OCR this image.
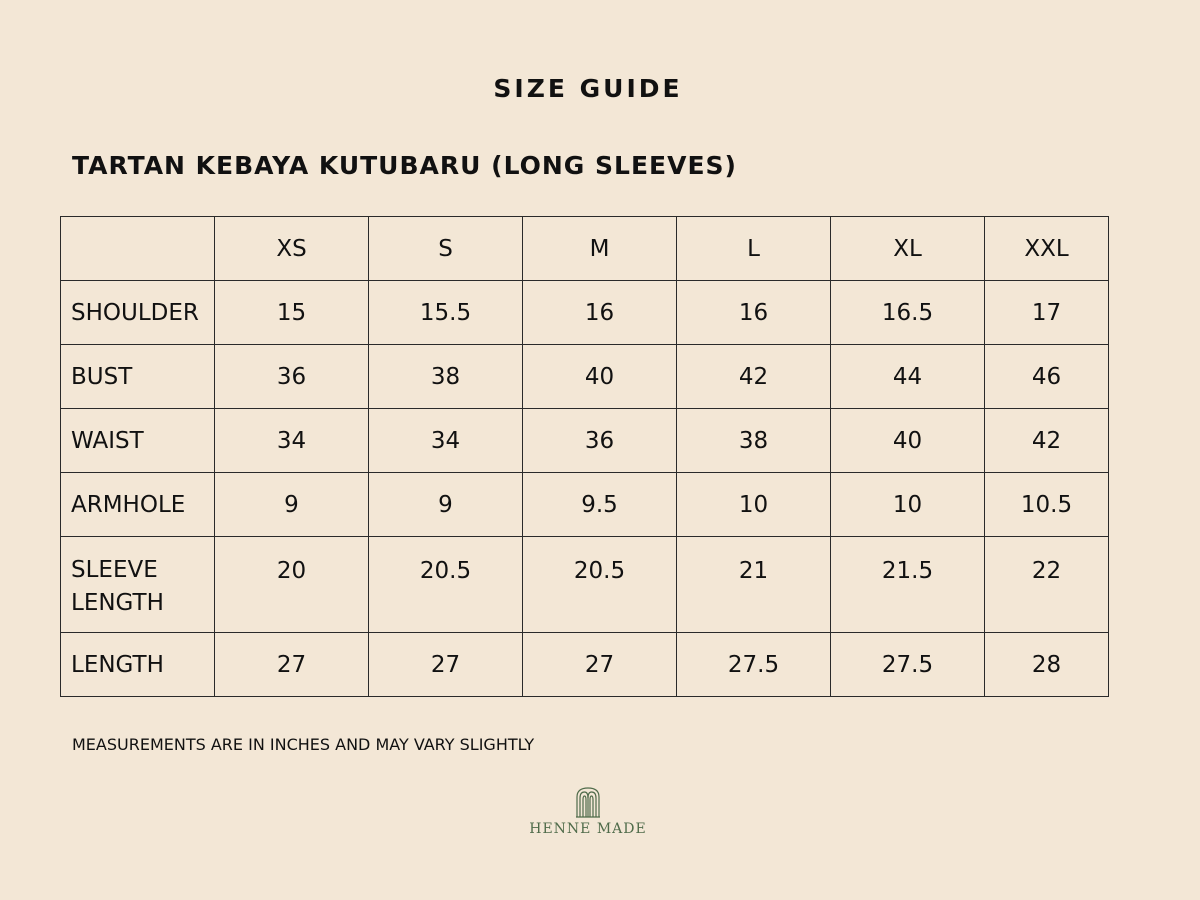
SIZE GUIDE
TARTAN KEBAYA KUTUBARU (LONG SLEEVES)
	XS	S	M	L	XL	XXL
SHOULDER	15	15.5	16	16	16.5	17
BUST	36	38	40	42	44	46
WAIST	34	34	36	38	40	42
ARMHOLE	9	9	9.5	10	10	10.5
SLEEVE LENGTH	20	20.5	20.5	21	21.5	22
LENGTH	27	27	27	27.5	27.5	28
MEASUREMENTS ARE IN INCHES AND MAY VARY SLIGHTLY
HENNE MADE
